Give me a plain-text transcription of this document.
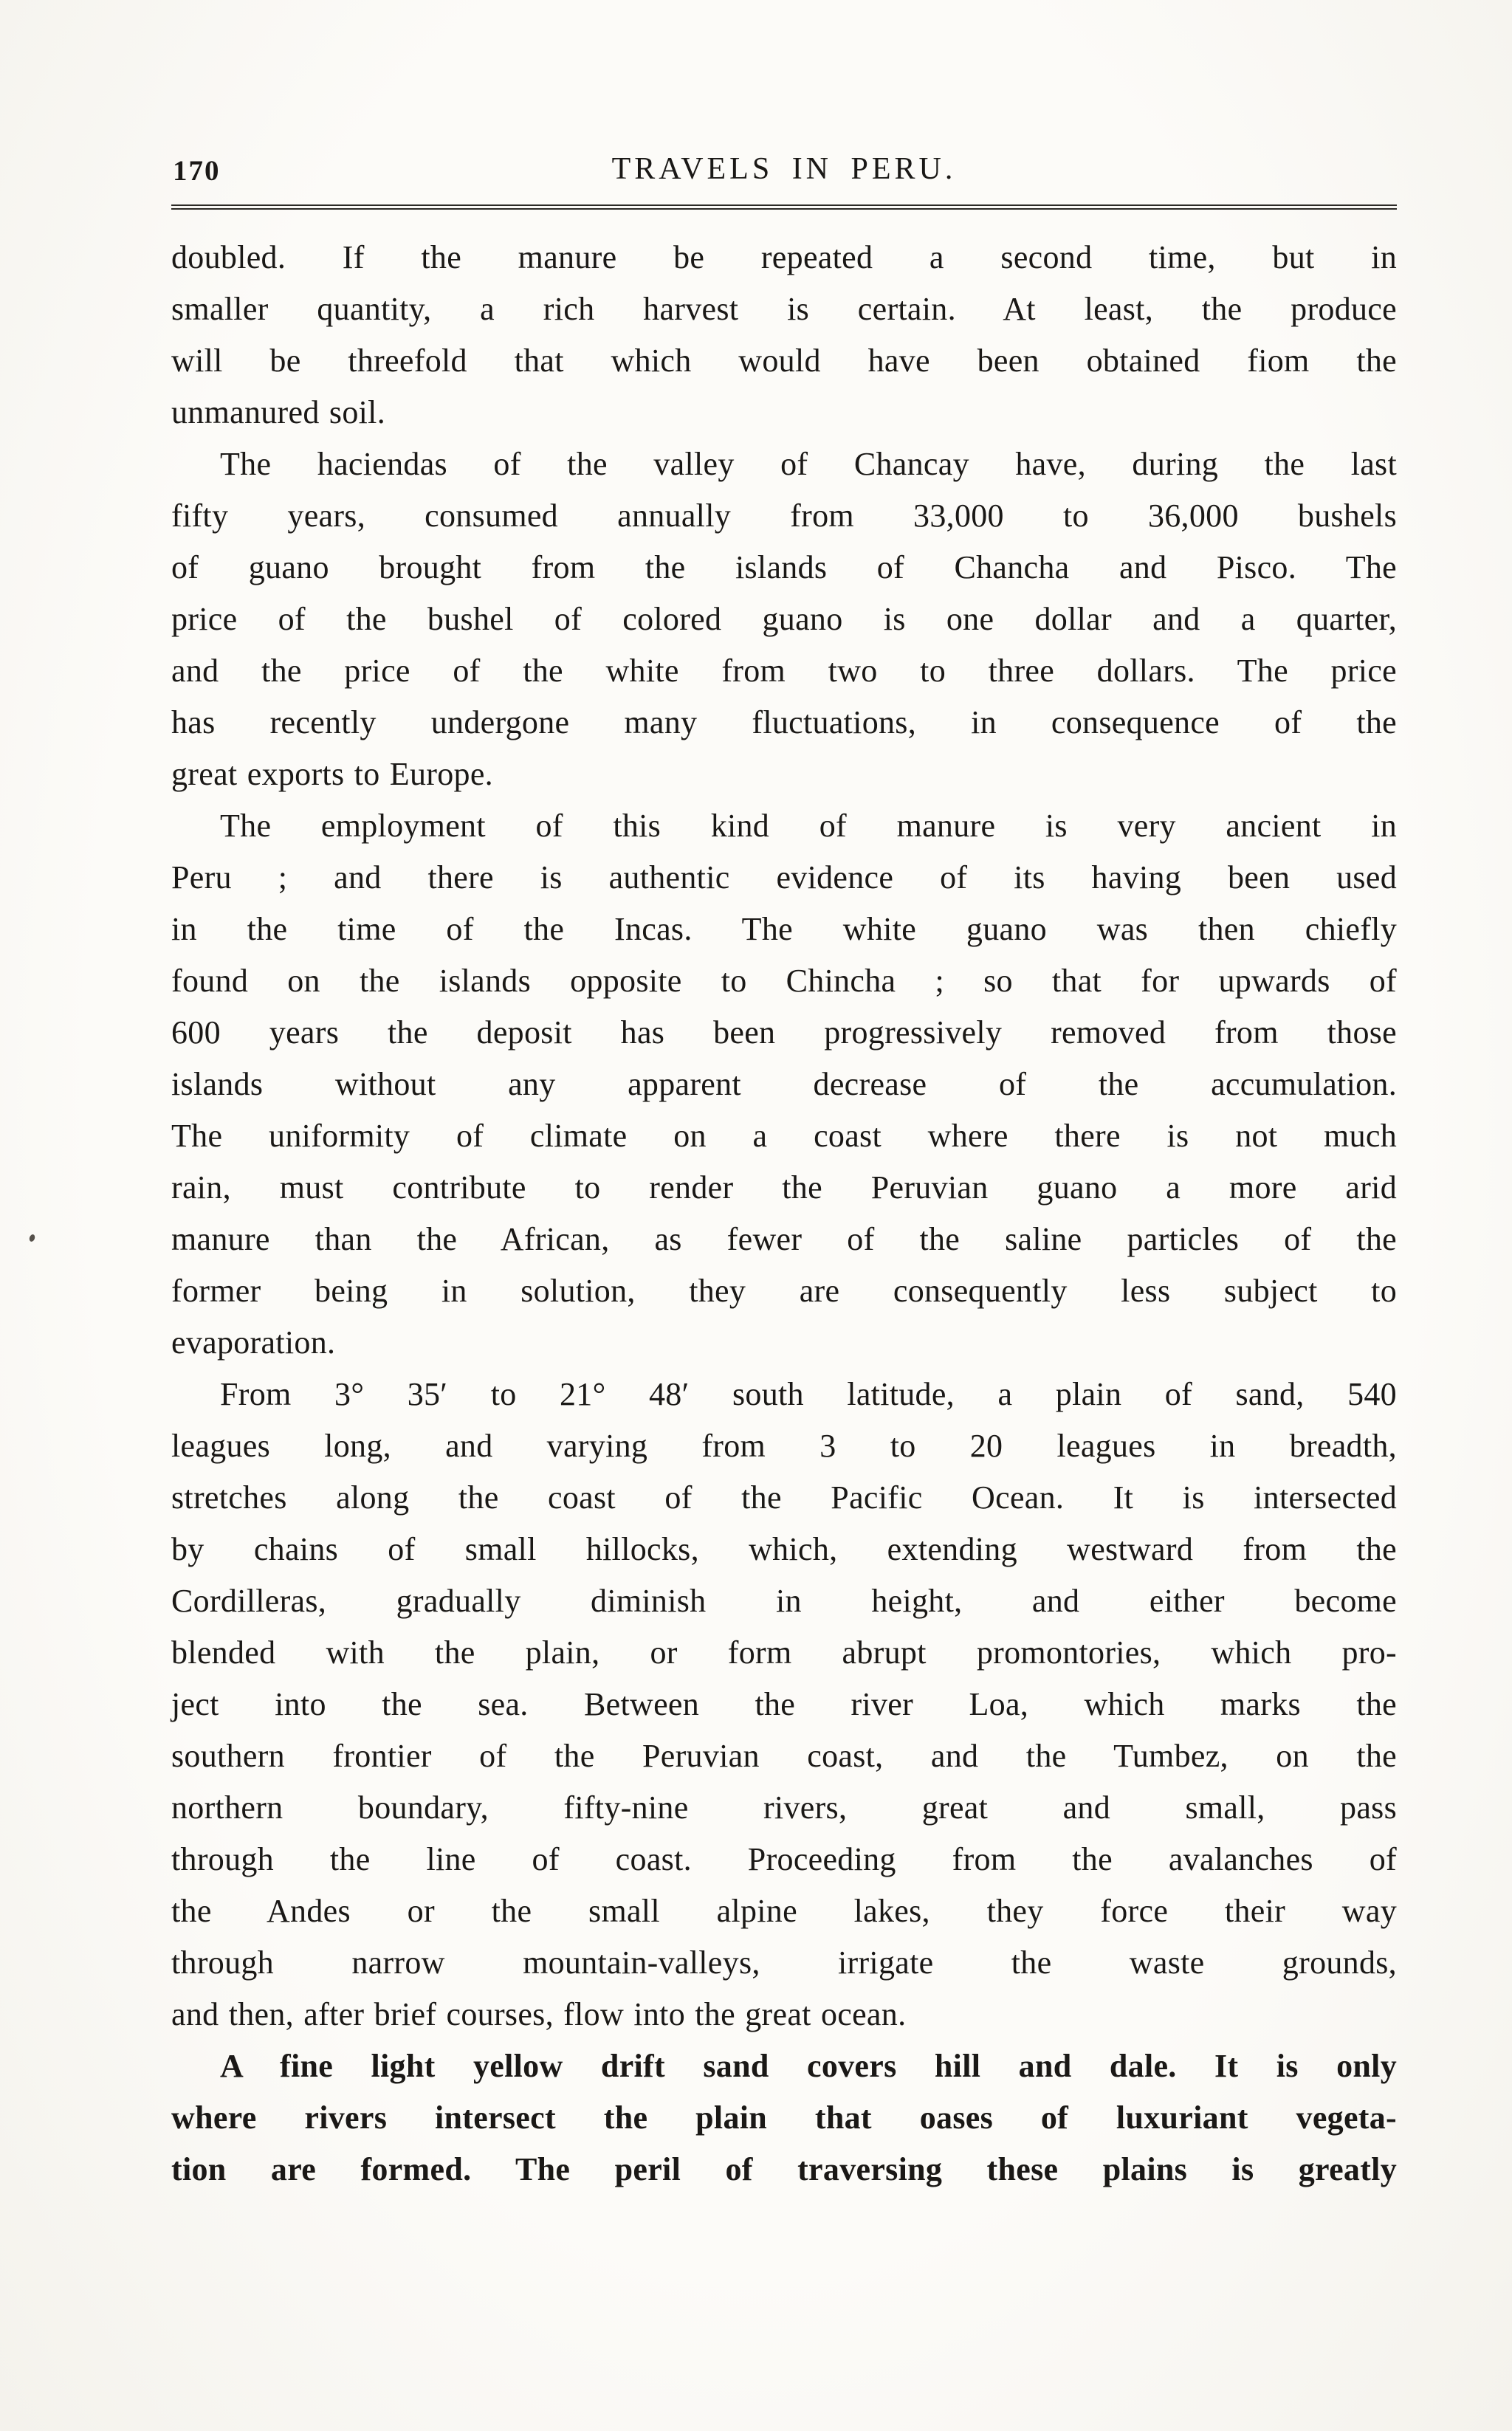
170	TRAVELS IN PERU.
doubled. If the manure be repeated a second time, but in
smaller quantity, a rich harvest is certain. At least, the produce
will be threefold that which would have been obtained fiom the
unmanured soil.
The haciendas of the valley of Chancay have, during the last
fifty years, consumed annually from 33,000 to 36,000 bushels
of guano brought from the islands of Chancha and Pisco. The
price of the bushel of colored guano is one dollar and a quarter,
and the price of the white from two to three dollars. The price
has recently undergone many fluctuations, in consequence of the
great exports to Europe.
The employment of this kind of manure is very ancient in
Peru ; and there is authentic evidence of its having been used
in the time of the Incas. The white guano was then chiefly
found on the islands opposite to Chincha ; so that for upwards of
600 years the deposit has been progressively removed from those
islands without any apparent decrease of the accumulation.
The uniformity of climate on a coast where there is not much
rain, must contribute to render the Peruvian guano a more arid
manure than the African, as fewer of the saline particles of the
former being in solution, they are consequently less subject to
evaporation.
From 3° 35′ to 21° 48′ south latitude, a plain of sand, 540
leagues long, and varying from 3 to 20 leagues in breadth,
stretches along the coast of the Pacific Ocean. It is intersected
by chains of small hillocks, which, extending westward from the
Cordilleras, gradually diminish in height, and either become
blended with the plain, or form abrupt promontories, which pro-
ject into the sea. Between the river Loa, which marks the
southern frontier of the Peruvian coast, and the Tumbez, on the
northern boundary, fifty-nine rivers, great and small, pass
through the line of coast. Proceeding from the avalanches of
the Andes or the small alpine lakes, they force their way
through narrow mountain-valleys, irrigate the waste grounds,
and then, after brief courses, flow into the great ocean.
A fine light yellow drift sand covers hill and dale. It is only
where rivers intersect the plain that oases of luxuriant vegeta-
tion are formed. The peril of traversing these plains is greatly
